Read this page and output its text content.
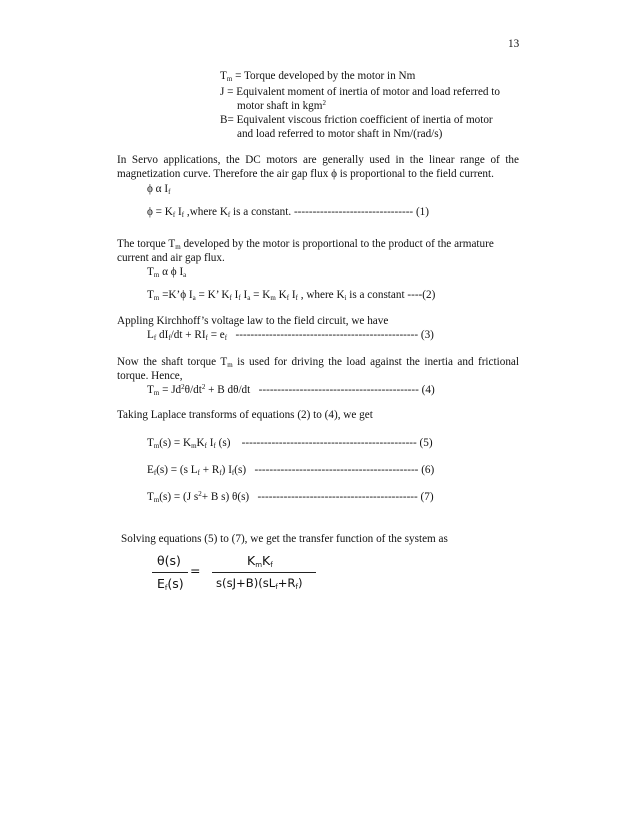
13
$T_m$ = Torque developed by the motor in Nm
J = Equivalent moment of inertia of motor and load referred to
motor shaft in kgm$^2$
B= Equivalent viscous friction coefficient of inertia of motor
and load referred to motor shaft in Nm/(rad/s)
In Servo applications, the DC motors are generally used in the linear range of the
magnetization curve. Therefore the air gap flux ϕ is proportional to the field current.
ϕ α $I_f$
$\phi = K_f$ $I_f$ ,where $K_f$ is a constant. -------------------------------- (1)
The torque $T_m$ developed by the motor is proportional to the product of the armature
current and air gap flux.
$T_m$ α ϕ $I_a$
$T_m$ =K’ϕ $I_a = K$’ $K_f$ $I_f$ $I_a = K_m$ $K_f$ $I_f$ , where $K_i$ is a constant ----(2)
Appling Kirchhoff’s voltage law to the field circuit, we have
$L_f$ $dI_f/dt + RI_f = e_f$ ------------------------------------------------- (3)
Now the shaft torque $T_m$ is used for driving the load against the inertia and frictional
torque. Hence,
$T_m = Jd^2\theta/dt^2 + B$ dθ/dt ------------------------------------------- (4)
Taking Laplace transforms of equations (2) to (4), we get
$T_m(s) = K_mK_f$ $I_f$ (s) ----------------------------------------------- (5)
$E_f(s) = (s$ $L_f + R_f$) $I_f(s)$ -------------------------------------------- (6)
$T_m(s) = (J$ $s^2+ B$ s) θ(s) ------------------------------------------- (7)
Solving equations (5) to (7), we get the transfer function of the system as
θ(s)
$E_f(s)$
=
$K_mK_f$
$s(sJ+B)(sL_f+R_f)$
